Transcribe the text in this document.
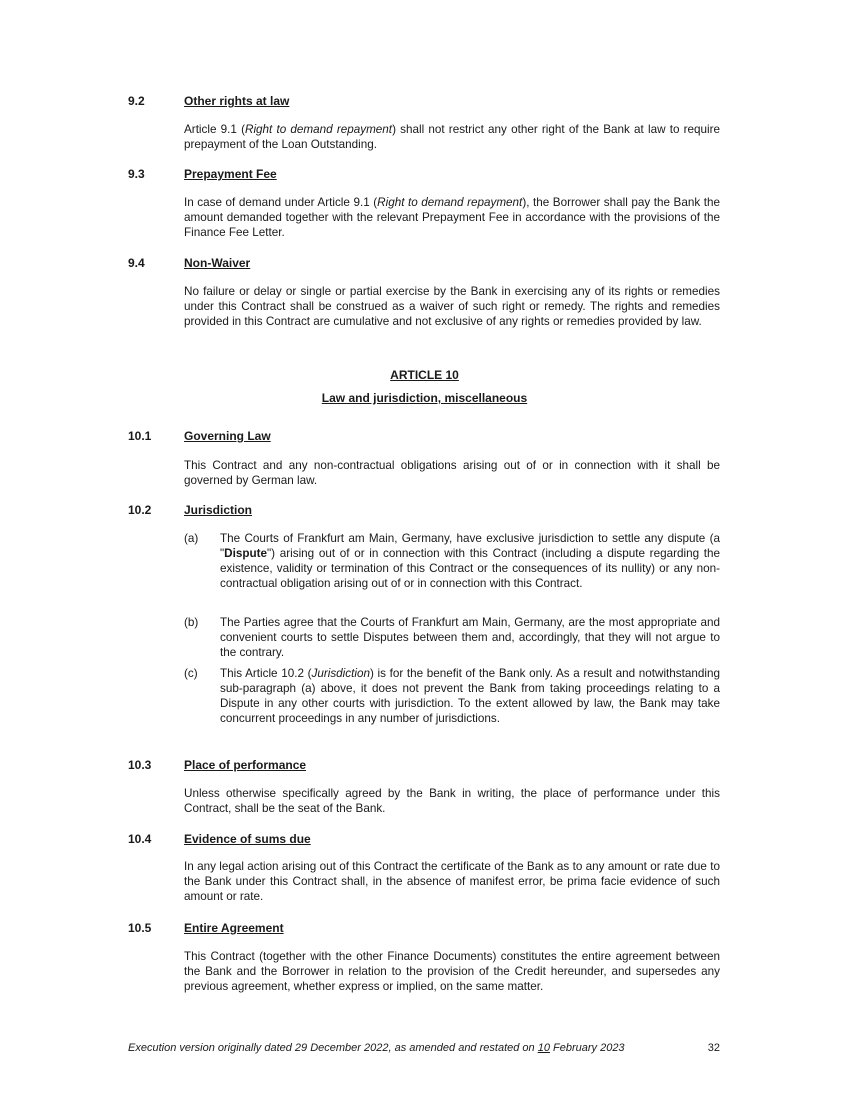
9.2	Other rights at law

Article 9.1 (Right to demand repayment) shall not restrict any other right of the Bank at law to require prepayment of the Loan Outstanding.

9.3	Prepayment Fee

In case of demand under Article 9.1 (Right to demand repayment), the Borrower shall pay the Bank the amount demanded together with the relevant Prepayment Fee in accordance with the provisions of the Finance Fee Letter.

9.4	Non-Waiver

No failure or delay or single or partial exercise by the Bank in exercising any of its rights or remedies under this Contract shall be construed as a waiver of such right or remedy. The rights and remedies provided in this Contract are cumulative and not exclusive of any rights or remedies provided by law.

ARTICLE 10
Law and jurisdiction, miscellaneous
10.1	Governing Law

This Contract and any non-contractual obligations arising out of or in connection with it shall be governed by German law.

10.2	Jurisdiction
(a)	The Courts of Frankfurt am Main, Germany, have exclusive jurisdiction to settle any dispute (a "Dispute") arising out of or in connection with this Contract (including a dispute regarding the existence, validity or termination of this Contract or the consequences of its nullity) or any non-contractual obligation arising out of or in connection with this Contract.
(b)	The Parties agree that the Courts of Frankfurt am Main, Germany, are the most appropriate and convenient courts to settle Disputes between them and, accordingly, that they will not argue to the contrary.
(c)	This Article 10.2 (Jurisdiction) is for the benefit of the Bank only. As a result and notwithstanding sub-paragraph (a) above, it does not prevent the Bank from taking proceedings relating to a Dispute in any other courts with jurisdiction. To the extent allowed by law, the Bank may take concurrent proceedings in any number of jurisdictions.
10.3	Place of performance

Unless otherwise specifically agreed by the Bank in writing, the place of performance under this Contract, shall be the seat of the Bank.

10.4	Evidence of sums due

In any legal action arising out of this Contract the certificate of the Bank as to any amount or rate due to the Bank under this Contract shall, in the absence of manifest error, be prima facie evidence of such amount or rate.

10.5	Entire Agreement

This Contract (together with the other Finance Documents) constitutes the entire agreement between the Bank and the Borrower in relation to the provision of the Credit hereunder, and supersedes any previous agreement, whether express or implied, on the same matter.

Execution version originally dated 29 December 2022, as amended and restated on 10 February 2023	32
